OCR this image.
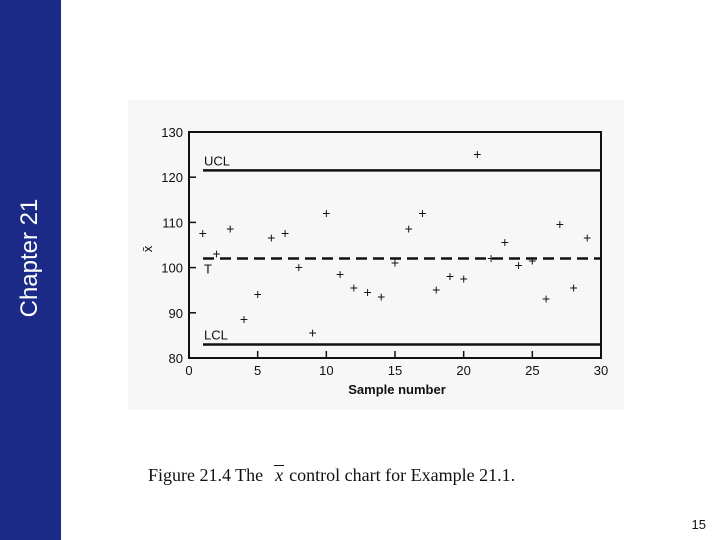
Chapter 21
80
90
100
110
120
130
0	5	10	15	20	25	30
UCL
T
LCL
+
+
+
+
+
+ +
+
+
+
+
+ + +
+
+
+
+
+ +
+
+
+
+ +
+
+
+
+
x̄
Sample number
Figure 21.4 The x control chart for Example 21.1.
15
